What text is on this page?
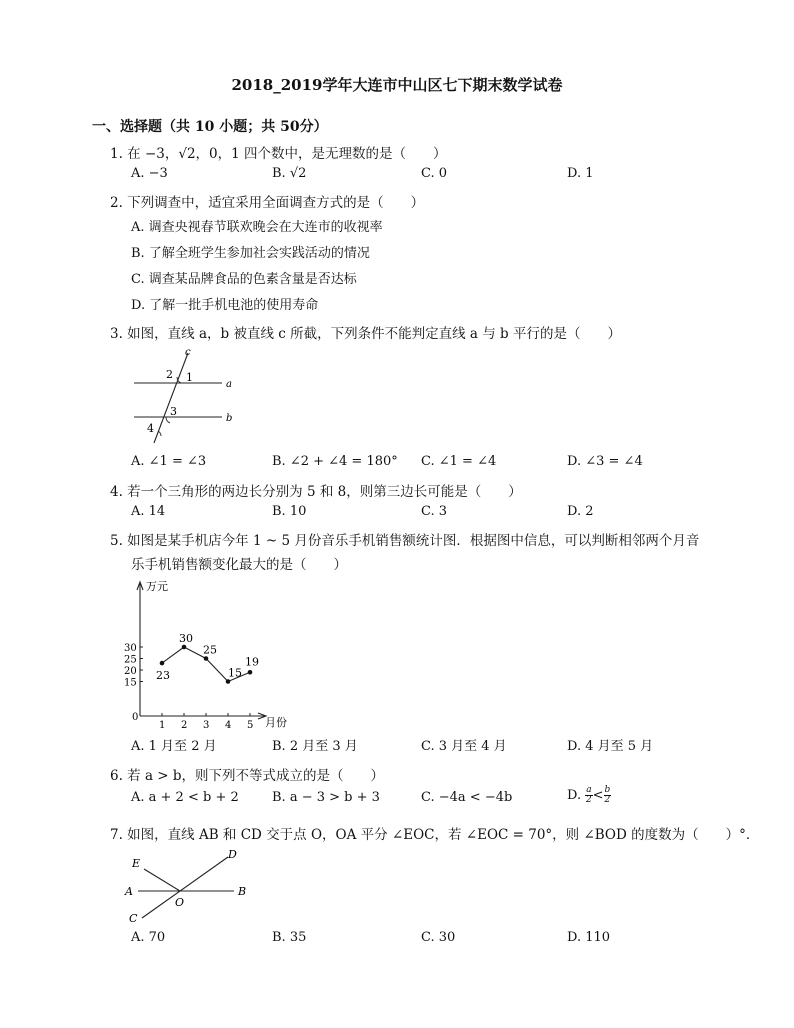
2018_2019学年大连市中山区七下期末数学试卷
一、选择题（共 10 小题；共 50分）
1. 在 −3，√2，0，1 四个数中，是无理数的是（　　）
A. −3	B. √2	C. 0	D. 1
2. 下列调查中，适宜采用全面调查方式的是（　　）
A. 调查央视春节联欢晚会在大连市的收视率
B. 了解全班学生参加社会实践活动的情况
C. 调查某品牌食品的色素含量是否达标
D. 了解一批手机电池的使用寿命
3. 如图，直线 a，b 被直线 c 所截，下列条件不能判定直线 a 与 b 平行的是（　　）
c
a
b
2 1
3
4
A. ∠1 = ∠3	B. ∠2 + ∠4 = 180° C. ∠1 = ∠4	D. ∠3 = ∠4
4. 若一个三角形的两边长分别为 5 和 8，则第三边长可能是（　　）
A. 14	B. 10	C. 3	D. 2
5. 如图是某手机店今年 1 ~ 5 月份音乐手机销售额统计图．根据图中信息，可以判断相邻两个月音
乐手机销售额变化最大的是（　　）
万元
月份
0
15
20
25
30
1 2 3 4 5
23
30
25
15
19
A. 1 月至 2 月	B. 2 月至 3 月	C. 3 月至 4 月	D. 4 月至 5 月
6. 若 a > b，则下列不等式成立的是（　　）
A. a + 2 < b + 2	B. a − 3 > b + 3	C. −4a < −4b	D. $\frac{a}{2} < \frac{b}{2}$
7. 如图，直线 AB 和 CD 交于点 O，OA 平分 ∠EOC，若 ∠EOC = 70°，则 ∠BOD 的度数为（　　）°．
E
D
A	B
O
C
A. 70	B. 35	C. 30	D. 110
